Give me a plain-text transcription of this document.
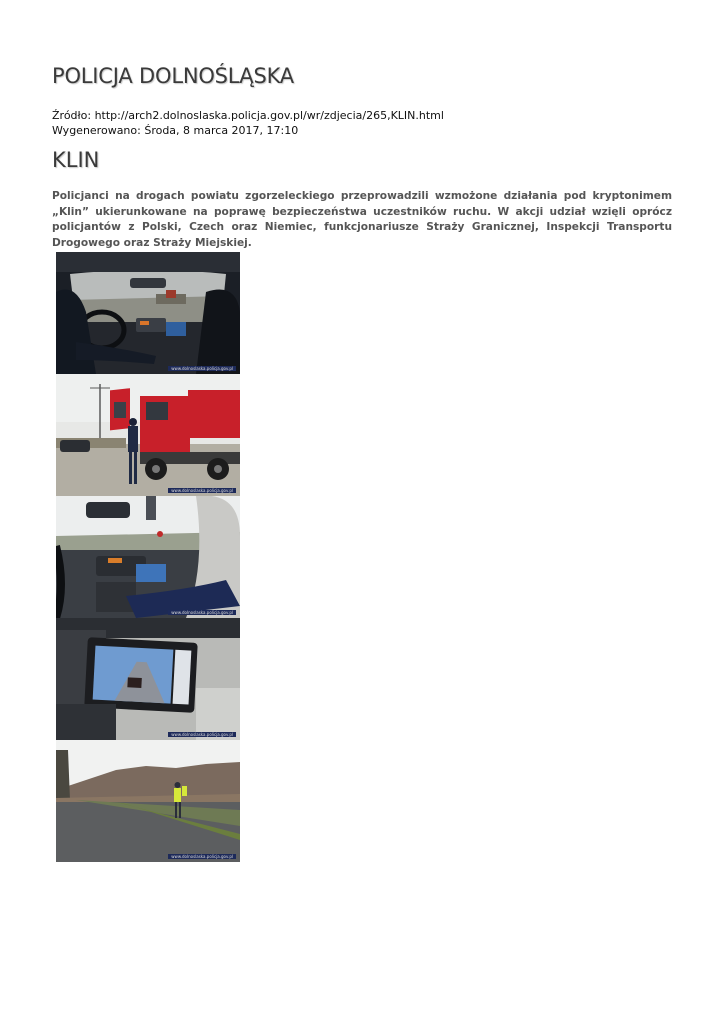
POLICJA DOLNOŚLĄSKA
Źródło: http://arch2.dolnoslaska.policja.gov.pl/wr/zdjecia/265,KLIN.html
Wygenerowano: Środa, 8 marca 2017, 17:10
KLIN
Policjanci na drogach powiatu zgorzeleckiego przeprowadzili wzmożone działania pod kryptonimem „Klin” ukierunkowane na poprawę bezpieczeństwa uczestników ruchu. W akcji udział wzięli oprócz policjantów z Polski, Czech oraz Niemiec, funkcjonariusze Straży Granicznej, Inspekcji Transportu Drogowego oraz Straży Miejskiej.
www.dolnoslaska.policja.gov.pl
www.dolnoslaska.policja.gov.pl
www.dolnoslaska.policja.gov.pl
www.dolnoslaska.policja.gov.pl
www.dolnoslaska.policja.gov.pl
